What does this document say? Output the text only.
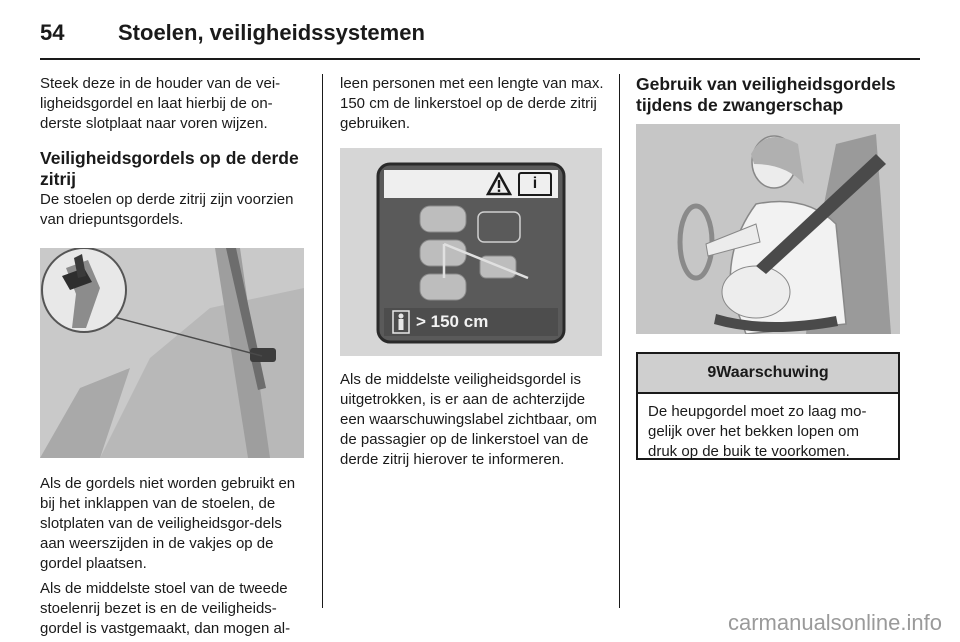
54 Stoelen, veiligheidssystemen

Steek deze in de houder van de vei-ligheidsgordel en laat hierbij de on-derste slotplaat naar voren wijzen.

Veiligheidsgordels op de derde zitrij

De stoelen op derde zitrij zijn voorzien van driepuntsgordels.

Als de gordels niet worden gebruikt en bij het inklappen van de stoelen, de slotplaten van de veiligheidsgor-dels aan weerszijden in de vakjes op de gordel plaatsen.

Als de middelste stoel van de tweede stoelenrij bezet is en de veiligheids-gordel is vastgemaakt, dan mogen al-

leen personen met een lengte van max. 150 cm de linkerstoel op de derde zitrij gebruiken.

i
> 150 cm

Als de middelste veiligheidsgordel is uitgetrokken, is er aan de achterzijde een waarschuwingslabel zichtbaar, om de passagier op de linkerstoel van de derde zitrij hierover te informeren.

Gebruik van veiligheidsgordels tijdens de zwangerschap
9Waarschuwing
De heupgordel moet zo laag mo-gelijk over het bekken lopen om druk op de buik te voorkomen.
carmanualsonline.info
